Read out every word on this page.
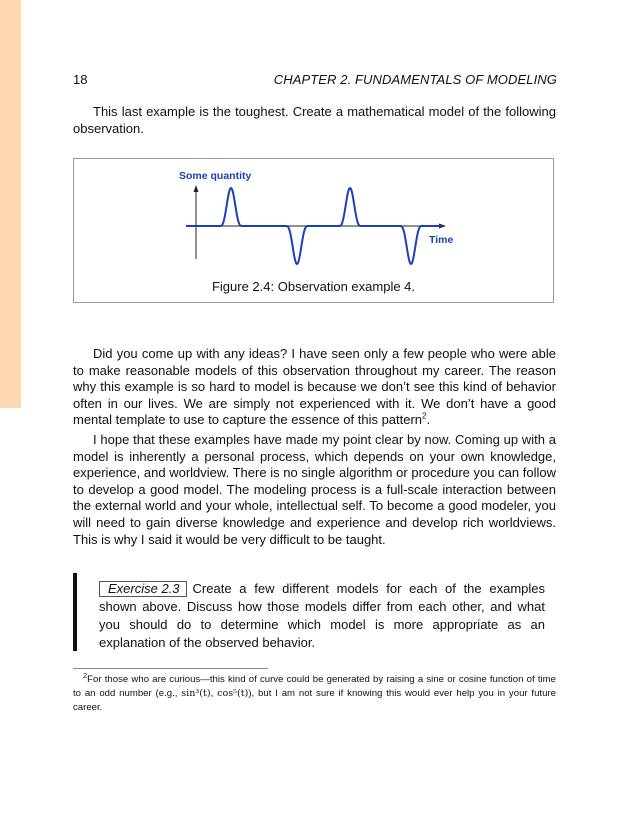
18	CHAPTER 2. FUNDAMENTALS OF MODELING

This last example is the toughest. Create a mathematical model of the following observation.

Some quantity
Time
Figure 2.4: Observation example 4.

Did you come up with any ideas? I have seen only a few people who were able to make reasonable models of this observation throughout my career. The reason why this example is so hard to model is because we don’t see this kind of behavior often in our lives. We are simply not experienced with it. We don’t have a good mental template to use to capture the essence of this pattern$^2$.

I hope that these examples have made my point clear by now. Coming up with a model is inherently a personal process, which depends on your own knowledge, experience, and worldview. There is no single algorithm or procedure you can follow to develop a good model. The modeling process is a full-scale interaction between the external world and your whole, intellectual self. To become a good modeler, you will need to gain diverse knowledge and experience and develop rich worldviews. This is why I said it would be very difficult to be taught.

Exercise 2.3 Create a few different models for each of the examples shown above. Discuss how those models differ from each other, and what you should do to determine which model is more appropriate as an explanation of the observed behavior.

$^2$For those who are curious—this kind of curve could be generated by raising a sine or cosine function of time to an odd number (e.g., sin³(t), cos⁵(t)), but I am not sure if knowing this would ever help you in your future career.
